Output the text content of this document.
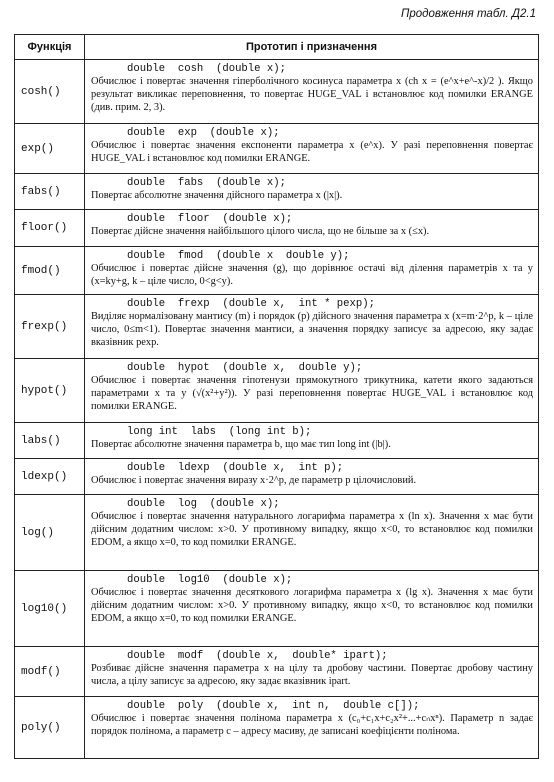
Продовження табл. Д2.1
Функція	Прототип і призначення
cosh()	double  cosh  (double x);
Обчислює і повертає значення гіперболічного косинуса параметра x (ch x = (e^x+e^-x)/2 ). Якщо результат викликає переповнення, то повертає HUGE_VAL і встановлює код помилки ERANGE (див. прим. 2, 3).

exp()	double  exp  (double x);
Обчислює і повертає значення експоненти параметра x (e^x). У разі переповнення повертає HUGE_VAL і встановлює код помилки ERANGE.

fabs()	double  fabs  (double x);
Повертає абсолютне значення дійсного параметра x (|x|).

floor()	double  floor  (double x);
Повертає дійсне значення найбільшого цілого числа, що не більше за x (≤x).

fmod()	double  fmod  (double x  double y);
Обчислює і повертає дійсне значення (g), що дорівнює остачі від ділення параметрів x та y (x=ky+g, k – ціле число, 0<g<y).

frexp()	double  frexp  (double x,  int * pexp);
Виділяє нормалізовану мантису (m) і порядок (p) дійсного значення параметра x (x=m·2^p, k – ціле число, 0≤m<1). Повертає значення мантиси, а значення порядку записує за адресою, яку задає вказівник pexp.

hypot()	double  hypot  (double x,  double y);
Обчислює і повертає значення гіпотенузи прямокутного трикутника, катети якого задаються параметрами x та y (√(x²+y²)). У разі переповнення повертає HUGE_VAL і встановлює код помилки ERANGE.

labs()	long int  labs  (long int b);
Повертає абсолютне значення параметра b, що має тип long int (|b|).

ldexp()	double  ldexp  (double x,  int p);
Обчислює і повертає значення виразу x·2^p, де параметр p цілочисловий.

log()	double  log  (double x);
Обчислює і повертає значення натурального логарифма параметра x (ln x). Значення x має бути дійсним додатним числом: x>0. У противному випадку, якщо x<0, то встановлює код помилки EDOM, а якщо x=0, то код помилки ERANGE.

log10()	double  log10  (double x);
Обчислює і повертає значення десяткового логарифма параметра x (lg x). Значення x має бути дійсним додатним числом: x>0. У противному випадку, якщо x<0, то встановлює код помилки EDOM, а якщо x=0, то код помилки ERANGE.

modf()	double  modf  (double x,  double* ipart);
Розбиває дійсне значення параметра x на цілу та дробову частини. Повертає дробову частину числа, а цілу записує за адресою, яку задає вказівник ipart.

poly()	double  poly  (double x,  int n,  double c[]);
Обчислює і повертає значення полінома параметра x (c₀+c₁x+c₂x²+...+cₙxⁿ). Параметр n задає порядок полінома, а параметр c – адресу масиву, де записані коефіцієнти полінома.
